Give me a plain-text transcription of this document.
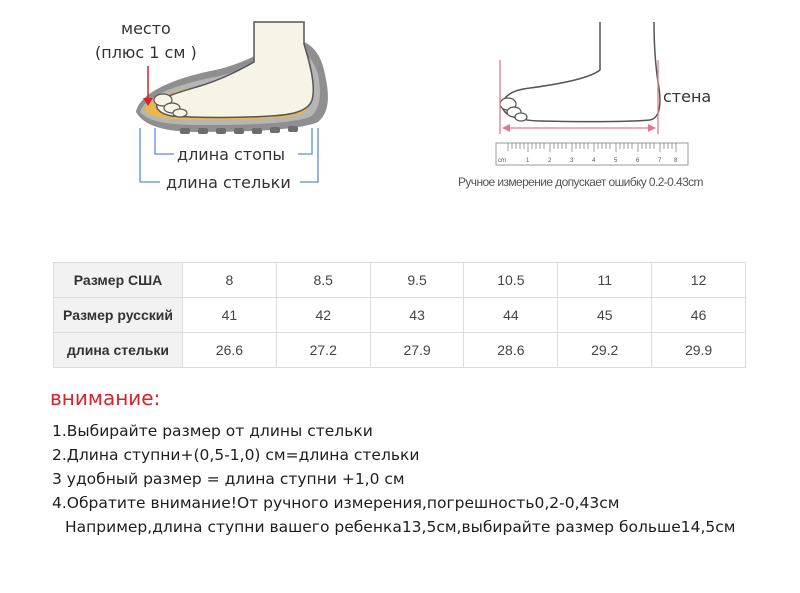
место
(плюс 1 см )
длина стопы
длина стельки
cm	1	2	3	4	5	6	7 8
стена
Ручное измерение допускает ошибку 0.2-0.43cm
Размер США	8	8.5	9.5	10.5	11	12
Размер русский	41	42	43	44	45	46
длина стельки	26.6	27.2	27.9	28.6	29.2	29.9
внимание:
1.Выбирайте размер от длины стельки
2.Длина ступни+(0,5-1,0) см=длина стельки
3 удобный размер = длина ступни +1,0 см
4.Обратите внимание!От ручного измерения,погрешность0,2-0,43см
Например,длина ступни вашего ребенка13,5см,выбирайте размер больше14,5см
